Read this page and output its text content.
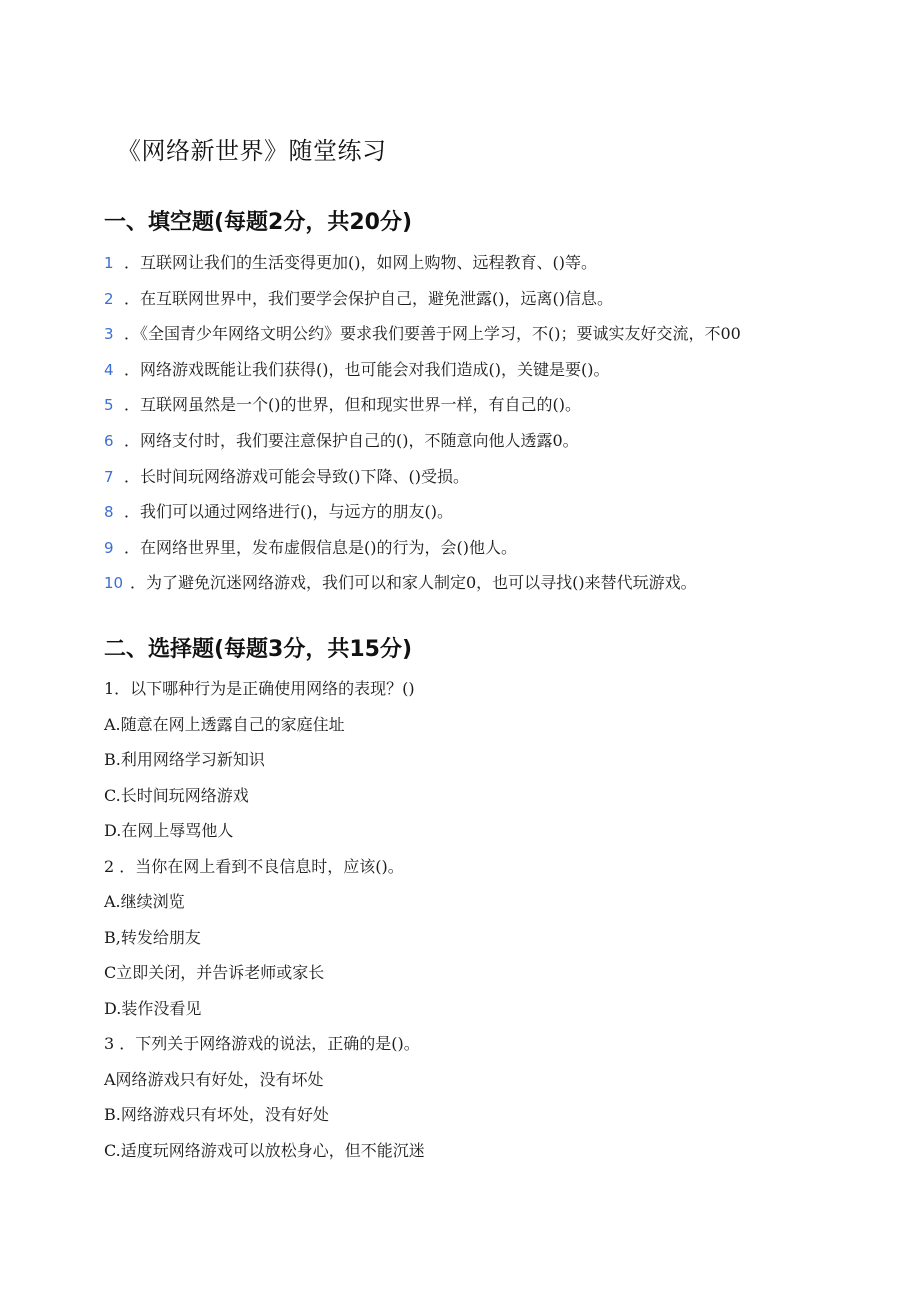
《网络新世界》随堂练习
一、填空题(每题2分，共20分)
1 ．互联网让我们的生活变得更加()，如网上购物、远程教育、()等。
2 ．在互联网世界中，我们要学会保护自己，避免泄露()，远离()信息。
3 ．《全国青少年网络文明公约》要求我们要善于网上学习，不()；要诚实友好交流，不00
4 ．网络游戏既能让我们获得()，也可能会对我们造成()，关键是要()。
5 ．互联网虽然是一个()的世界，但和现实世界一样，有自己的()。
6 ．网络支付时，我们要注意保护自己的()，不随意向他人透露0。
7 ．长时间玩网络游戏可能会导致()下降、()受损。
8 ．我们可以通过网络进行()，与远方的朋友()。
9 ．在网络世界里，发布虚假信息是()的行为，会()他人。
10 ．为了避免沉迷网络游戏，我们可以和家人制定0，也可以寻找()来替代玩游戏。
二、选择题(每题3分，共15分)
1．以下哪种行为是正确使用网络的表现？()
A.随意在网上透露自己的家庭住址
B.利用网络学习新知识
C.长时间玩网络游戏
D.在网上辱骂他人
2 ．当你在网上看到不良信息时，应该()。
A.继续浏览
B,转发给朋友
C立即关闭，并告诉老师或家长
D.装作没看见
3 ．下列关于网络游戏的说法，正确的是()。
A网络游戏只有好处，没有坏处
B.网络游戏只有坏处，没有好处
C.适度玩网络游戏可以放松身心，但不能沉迷
